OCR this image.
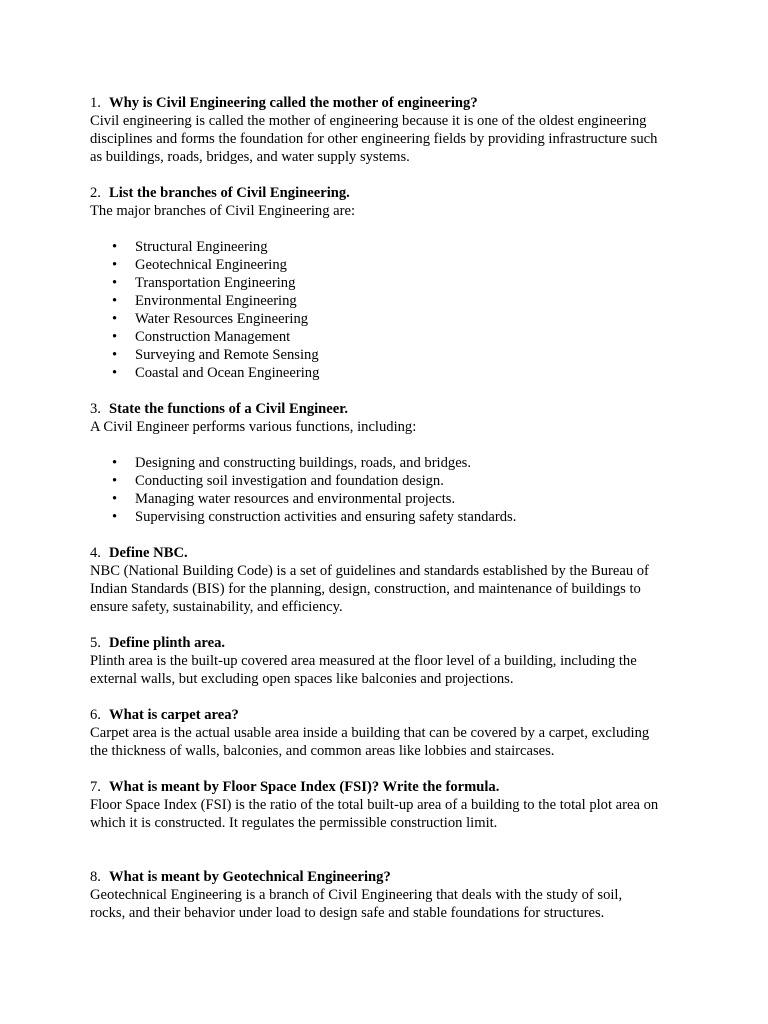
1. Why is Civil Engineering called the mother of engineering?

Civil engineering is called the mother of engineering because it is one of the oldest engineering

disciplines and forms the foundation for other engineering fields by providing infrastructure such

as buildings, roads, bridges, and water supply systems.

2. List the branches of Civil Engineering.

The major branches of Civil Engineering are:

• Structural Engineering
• Geotechnical Engineering
• Transportation Engineering
• Environmental Engineering
• Water Resources Engineering
• Construction Management
• Surveying and Remote Sensing
• Coastal and Ocean Engineering

3. State the functions of a Civil Engineer.

A Civil Engineer performs various functions, including:

• Designing and constructing buildings, roads, and bridges.
• Conducting soil investigation and foundation design.
• Managing water resources and environmental projects.
• Supervising construction activities and ensuring safety standards.

4. Define NBC.

NBC (National Building Code) is a set of guidelines and standards established by the Bureau of

Indian Standards (BIS) for the planning, design, construction, and maintenance of buildings to

ensure safety, sustainability, and efficiency.

5. Define plinth area.

Plinth area is the built-up covered area measured at the floor level of a building, including the

external walls, but excluding open spaces like balconies and projections.

6. What is carpet area?

Carpet area is the actual usable area inside a building that can be covered by a carpet, excluding

the thickness of walls, balconies, and common areas like lobbies and staircases.

7. What is meant by Floor Space Index (FSI)? Write the formula.

Floor Space Index (FSI) is the ratio of the total built-up area of a building to the total plot area on

which it is constructed. It regulates the permissible construction limit.

8. What is meant by Geotechnical Engineering?

Geotechnical Engineering is a branch of Civil Engineering that deals with the study of soil,

rocks, and their behavior under load to design safe and stable foundations for structures.
